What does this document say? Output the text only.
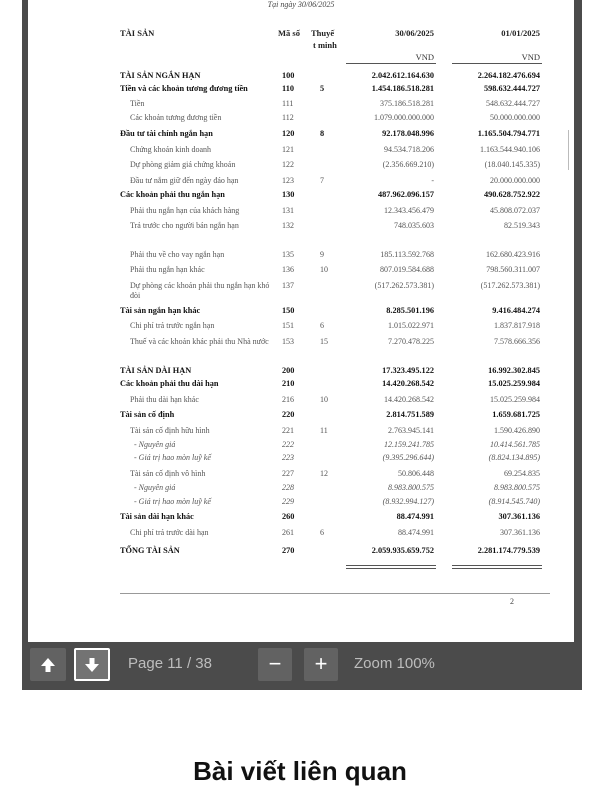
Tại ngày 30/06/2025
TÀI SẢN	Mã số Thuyế
t minh
30/06/2025	01/01/2025
VND	VND
TÀI SẢN NGẮN HẠN	100	2.042.612.164.630	2.264.182.476.694
Tiền và các khoản tương đương tiền	110	5	1.454.186.518.281	598.632.444.727
Tiền	111	375.186.518.281	548.632.444.727
Các khoản tương đương tiền	112	1.079.000.000.000	50.000.000.000
Đầu tư tài chính ngắn hạn	120	8	92.178.048.996	1.165.504.794.771
Chứng khoán kinh doanh	121	94.534.718.206	1.163.544.940.106
Dự phòng giảm giá chứng khoán	122	(2.356.669.210)	(18.040.145.335)
Đầu tư nắm giữ đến ngày đáo hạn	123	7	-	20.000.000.000
Các khoản phải thu ngắn hạn	130	487.962.096.157	490.628.752.922
Phải thu ngắn hạn của khách hàng	131	12.343.456.479	45.808.072.037
Trả trước cho người bán ngắn hạn	132	748.035.603	82.519.343
Phải thu về cho vay ngắn hạn	135	9	185.113.592.768	162.680.423.916
Phải thu ngắn hạn khác	136	10	807.019.584.688	798.560.311.007
Dự phòng các khoản phải thu ngắn hạn khó đòi
137	(517.262.573.381)	(517.262.573.381)
Tài sản ngắn hạn khác	150	8.285.501.196	9.416.484.274
Chi phí trả trước ngắn hạn	151	6	1.015.022.971	1.837.817.918
Thuế và các khoản khác phải thu Nhà nước	153	15	7.270.478.225	7.578.666.356
TÀI SẢN DÀI HẠN	200	17.323.495.122	16.992.302.845
Các khoản phải thu dài hạn	210	14.420.268.542	15.025.259.984
Phải thu dài hạn khác	216	10	14.420.268.542	15.025.259.984
Tài sản cố định	220	2.814.751.589	1.659.681.725
Tài sản cố định hữu hình	221	11	2.763.945.141	1.590.426.890
- Nguyên giá	222	12.159.241.785	10.414.561.785
- Giá trị hao mòn luỹ kế	223	(9.395.296.644)	(8.824.134.895)
Tài sản cố định vô hình	227	12	50.806.448	69.254.835
- Nguyên giá	228	8.983.800.575	8.983.800.575
- Giá trị hao mòn luỹ kế	229	(8.932.994.127)	(8.914.545.740)
Tài sản dài hạn khác	260	88.474.991	307.361.136
Chi phí trả trước dài hạn	261	6	88.474.991	307.361.136
TỔNG TÀI SẢN	270	2.059.935.659.752	2.281.174.779.539
2
Page 11 / 38	−	+	Zoom 100%
Bài viết liên quan
